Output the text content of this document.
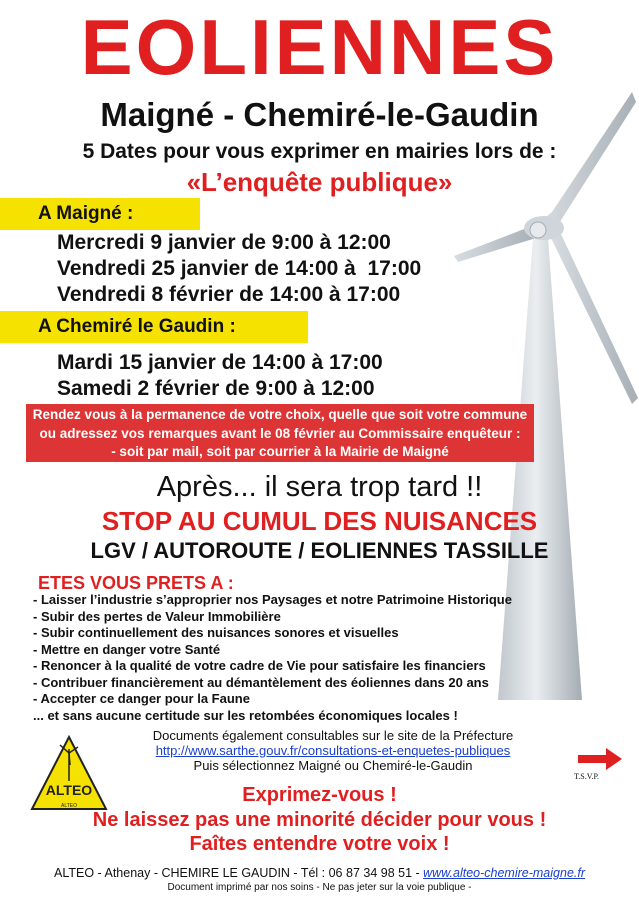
EOLIENNES
Maigné - Chemiré-le-Gaudin
5 Dates pour vous exprimer en mairies lors de :
«L’enquête publique»
A Maigné :
Mercredi 9 janvier de 9:00 à 12:00
Vendredi 25 janvier de 14:00 à  17:00
Vendredi 8 février de 14:00 à 17:00
A Chemiré le Gaudin :
Mardi 15 janvier de 14:00 à 17:00
Samedi 2 février de 9:00 à 12:00
Rendez vous à la permanence de votre choix, quelle que soit votre commune
ou adressez vos remarques avant le 08 février au Commissaire enquêteur :
- soit par mail, soit par courrier à la Mairie de Maigné
Après... il sera trop tard !!
STOP AU CUMUL DES NUISANCES
LGV / AUTOROUTE / EOLIENNES TASSILLE
ETES VOUS PRETS A :
- Laisser l’industrie s’approprier nos Paysages et notre Patrimoine Historique
- Subir des pertes de Valeur Immobilière
- Subir continuellement des nuisances sonores et visuelles
- Mettre en danger votre Santé
- Renoncer à la qualité de votre cadre de Vie pour satisfaire les financiers
- Contribuer financièrement au démantèlement des éoliennes dans 20 ans
- Accepter ce danger pour la Faune
... et sans aucune certitude sur les retombées économiques locales !
ALTEO
ALTEO
Documents également consultables sur le site de la Préfecture
http://www.sarthe.gouv.fr/consultations-et-enquetes-publiques
Puis sélectionnez Maigné ou Chemiré-le-Gaudin
T.S.V.P.
Exprimez-vous !
Ne laissez pas une minorité décider pour vous !
Faîtes entendre votre voix !
ALTEO - Athenay - CHEMIRE LE GAUDIN - Tél : 06 87 34 98 51 - www.alteo-chemire-maigne.fr
Document imprimé par nos soins - Ne pas jeter sur la voie publique -
